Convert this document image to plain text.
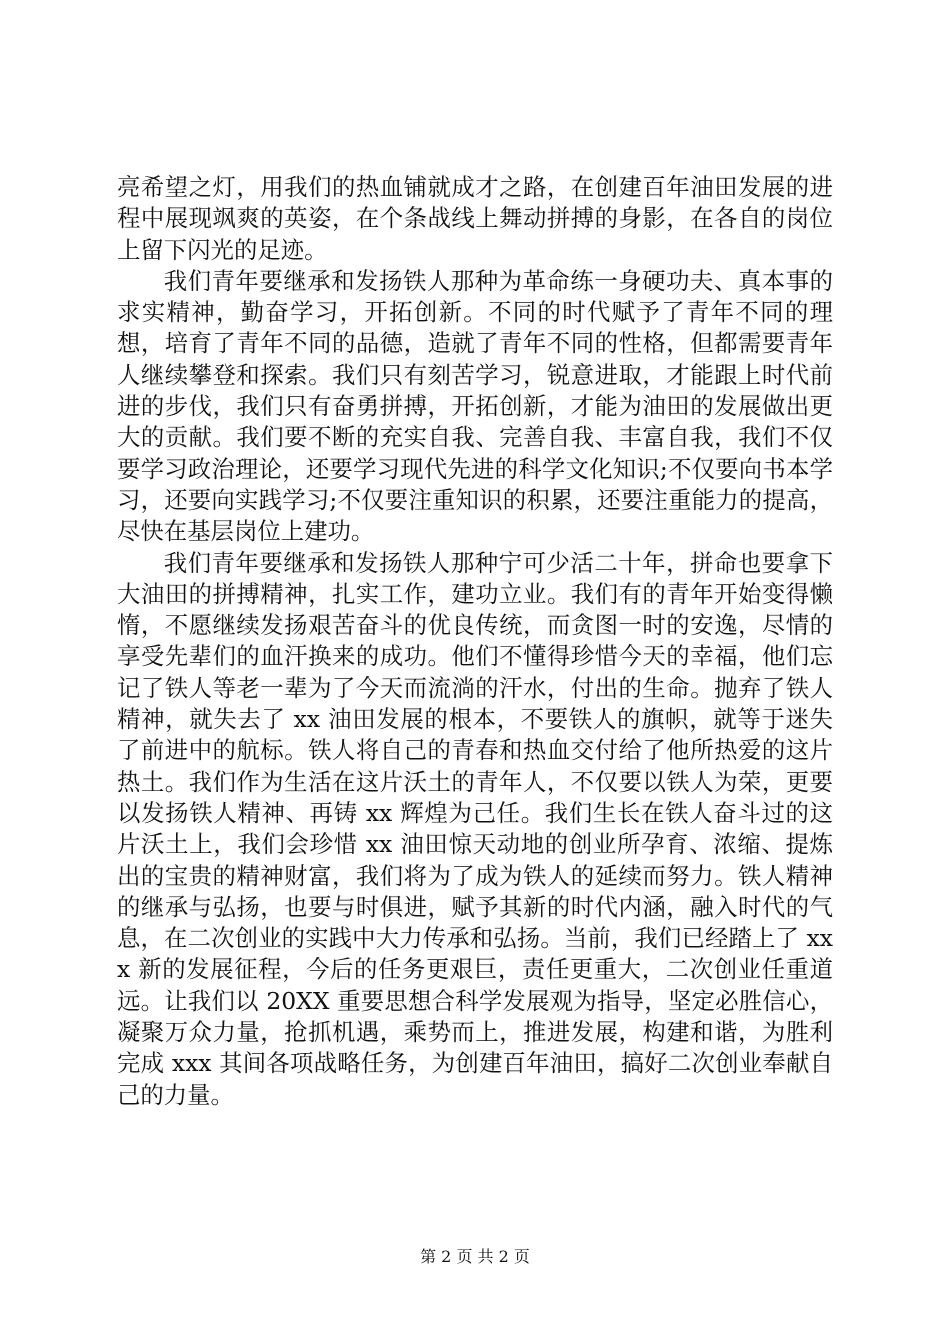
亮希望之灯，用我们的热血铺就成才之路，在创建百年油田发展的进程中展现飒爽的英姿，在个条战线上舞动拼搏的身影，在各自的岗位上留下闪光的足迹。

我们青年要继承和发扬铁人那种为革命练一身硬功夫、真本事的求实精神，勤奋学习，开拓创新。不同的时代赋予了青年不同的理想，培育了青年不同的品德，造就了青年不同的性格，但都需要青年人继续攀登和探索。我们只有刻苦学习，锐意进取，才能跟上时代前进的步伐，我们只有奋勇拼搏，开拓创新，才能为油田的发展做出更大的贡献。我们要不断的充实自我、完善自我、丰富自我，我们不仅要学习政治理论，还要学习现代先进的科学文化知识;不仅要向书本学习，还要向实践学习;不仅要注重知识的积累，还要注重能力的提高，尽快在基层岗位上建功。

我们青年要继承和发扬铁人那种宁可少活二十年，拼命也要拿下大油田的拼搏精神，扎实工作，建功立业。我们有的青年开始变得懒惰，不愿继续发扬艰苦奋斗的优良传统，而贪图一时的安逸，尽情的享受先辈们的血汗换来的成功。他们不懂得珍惜今天的幸福，他们忘记了铁人等老一辈为了今天而流淌的汗水，付出的生命。抛弃了铁人精神，就失去了 xx 油田发展的根本，不要铁人的旗帜，就等于迷失了前进中的航标。铁人将自己的青春和热血交付给了他所热爱的这片热土。我们作为生活在这片沃土的青年人，不仅要以铁人为荣，更要以发扬铁人精神、再铸 xx 辉煌为己任。我们生长在铁人奋斗过的这片沃土上，我们会珍惜 xx 油田惊天动地的创业所孕育、浓缩、提炼出的宝贵的精神财富，我们将为了成为铁人的延续而努力。铁人精神的继承与弘扬，也要与时俱进，赋予其新的时代内涵，融入时代的气息，在二次创业的实践中大力传承和弘扬。当前，我们已经踏上了 xxx 新的发展征程，今后的任务更艰巨，责任更重大，二次创业任重道远。让我们以 20XX 重要思想合科学发展观为指导，坚定必胜信心，凝聚万众力量，抢抓机遇，乘势而上，推进发展，构建和谐，为胜利完成 xxx 其间各项战略任务，为创建百年油田，搞好二次创业奉献自己的力量。

第 2 页 共 2 页
